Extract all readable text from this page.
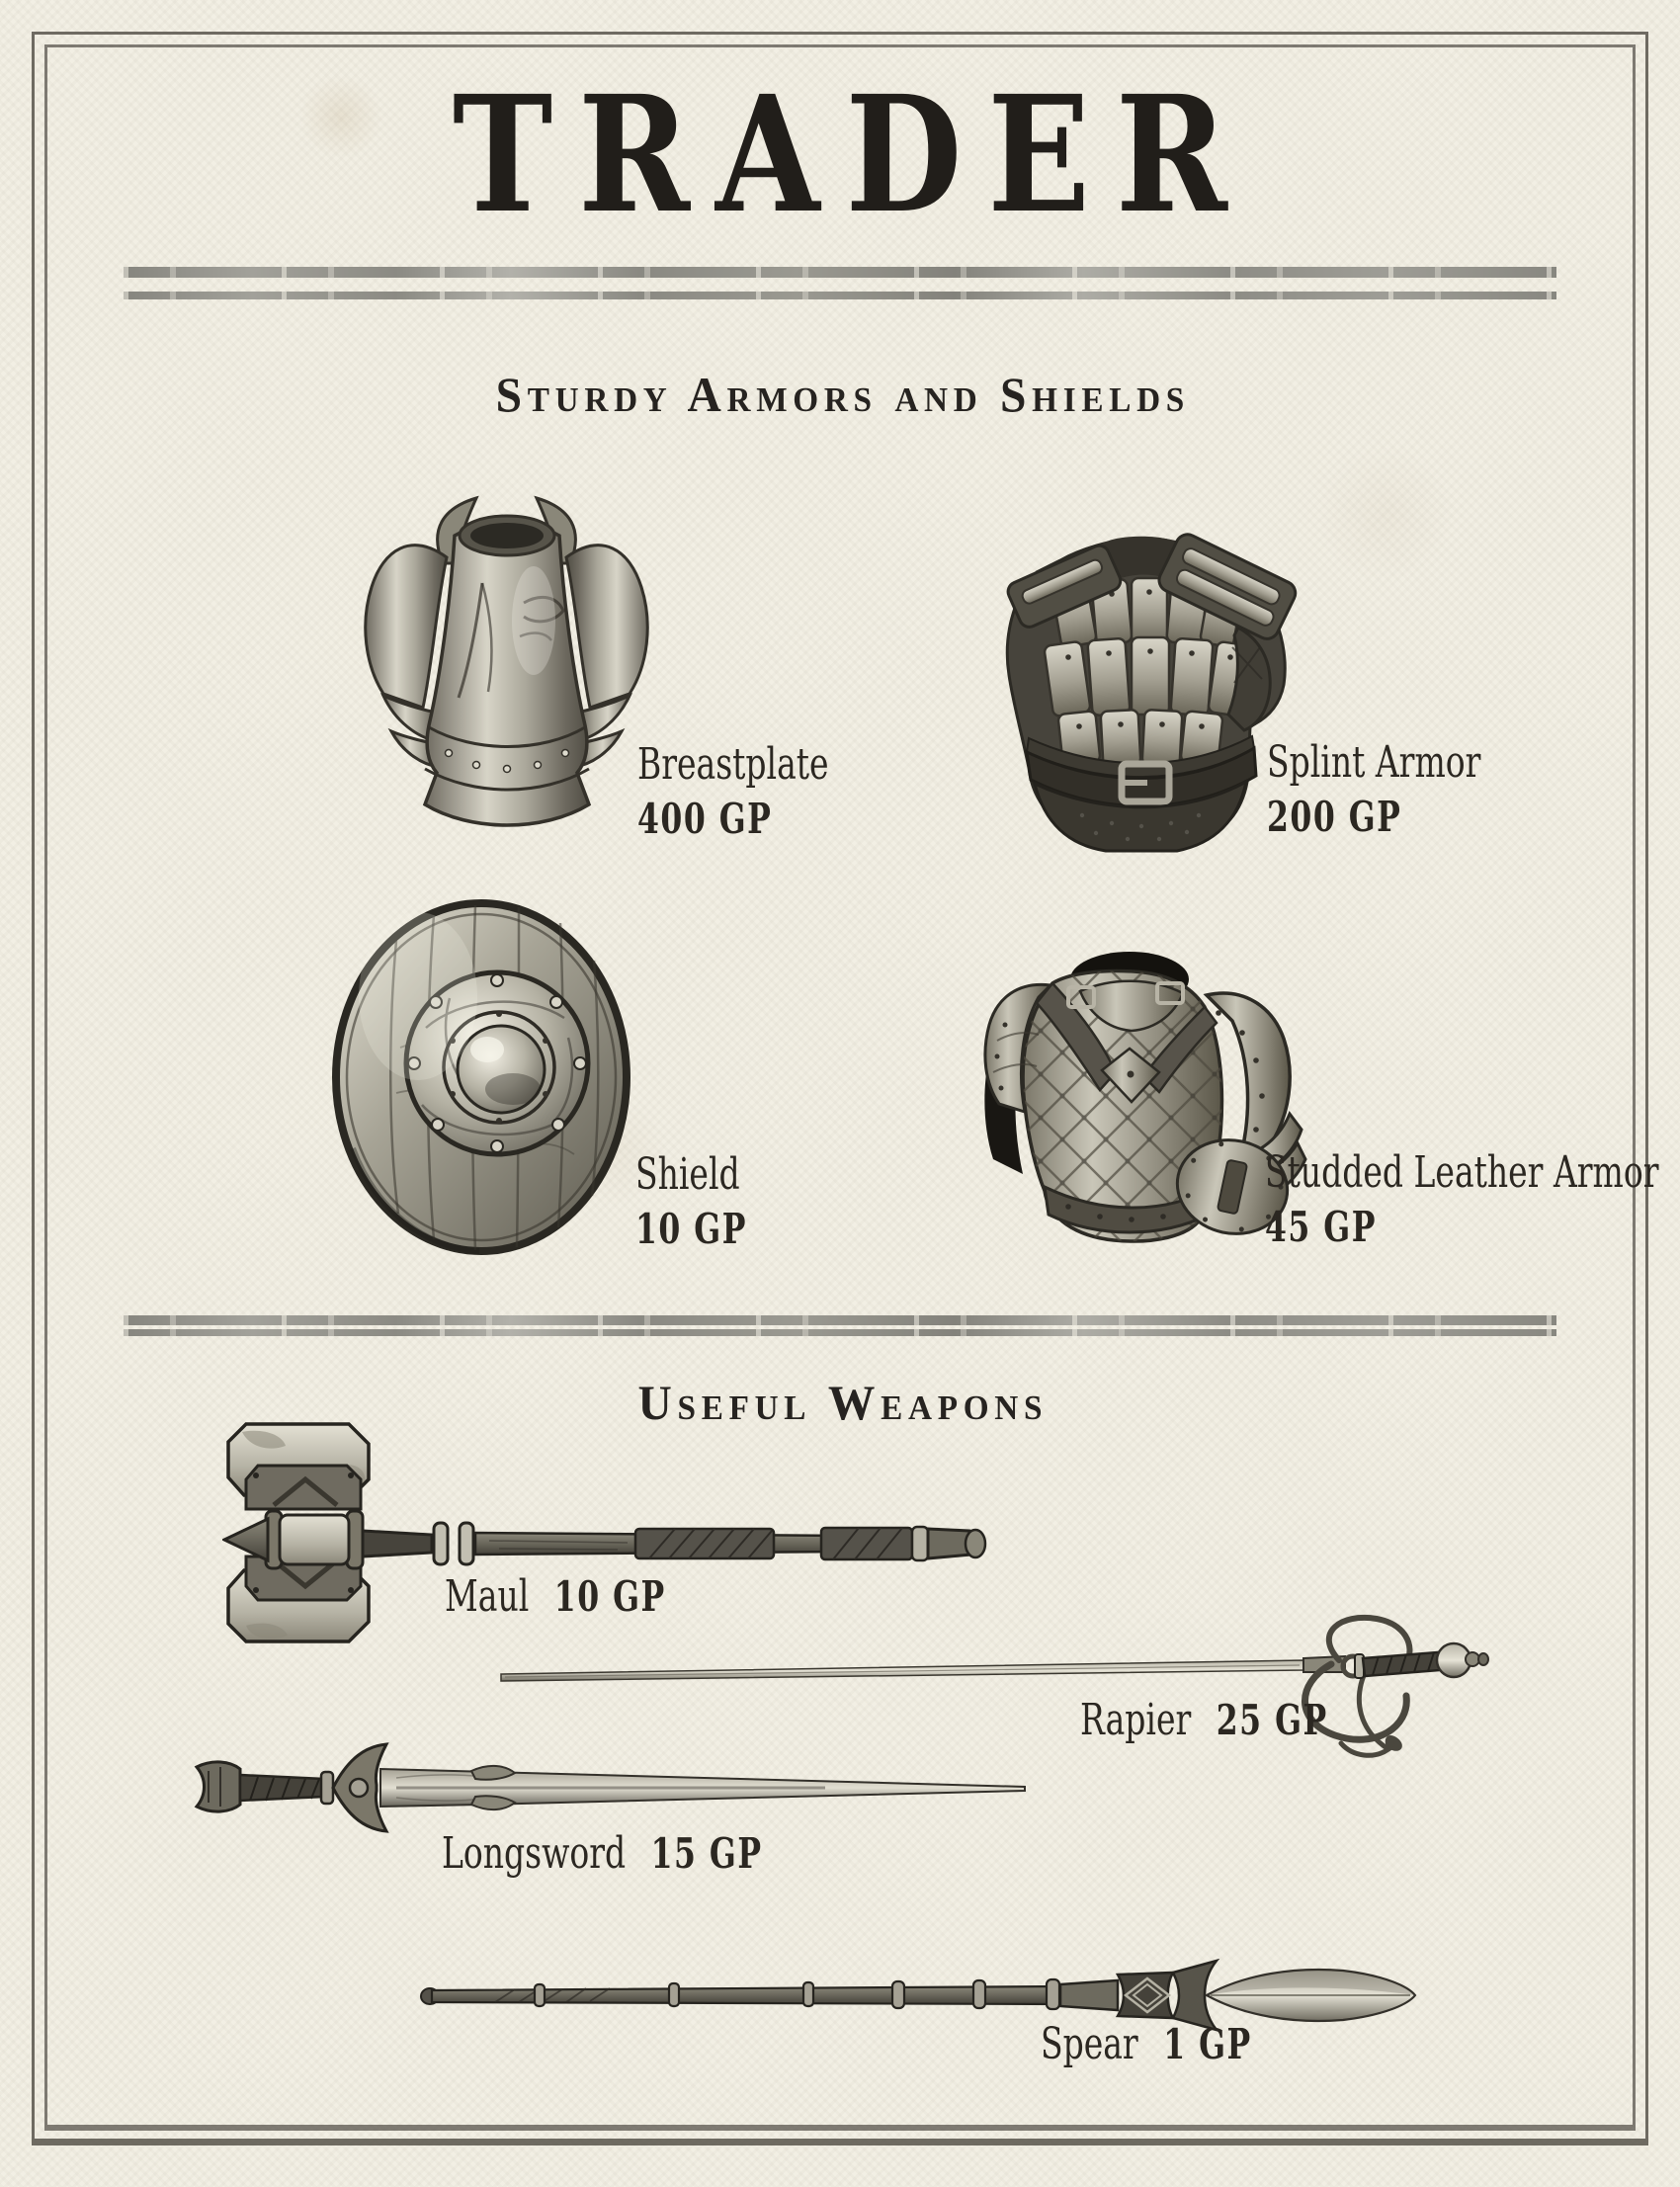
TRADER
Sturdy Armors and Shields
Breastplate
400 GP
Splint Armor
200 GP
Shield
10 GP
Studded Leather Armor
45 GP
Useful Weapons
Maul 10 GP
Rapier 25 GP
Longsword 15 GP
Spear 1 GP
